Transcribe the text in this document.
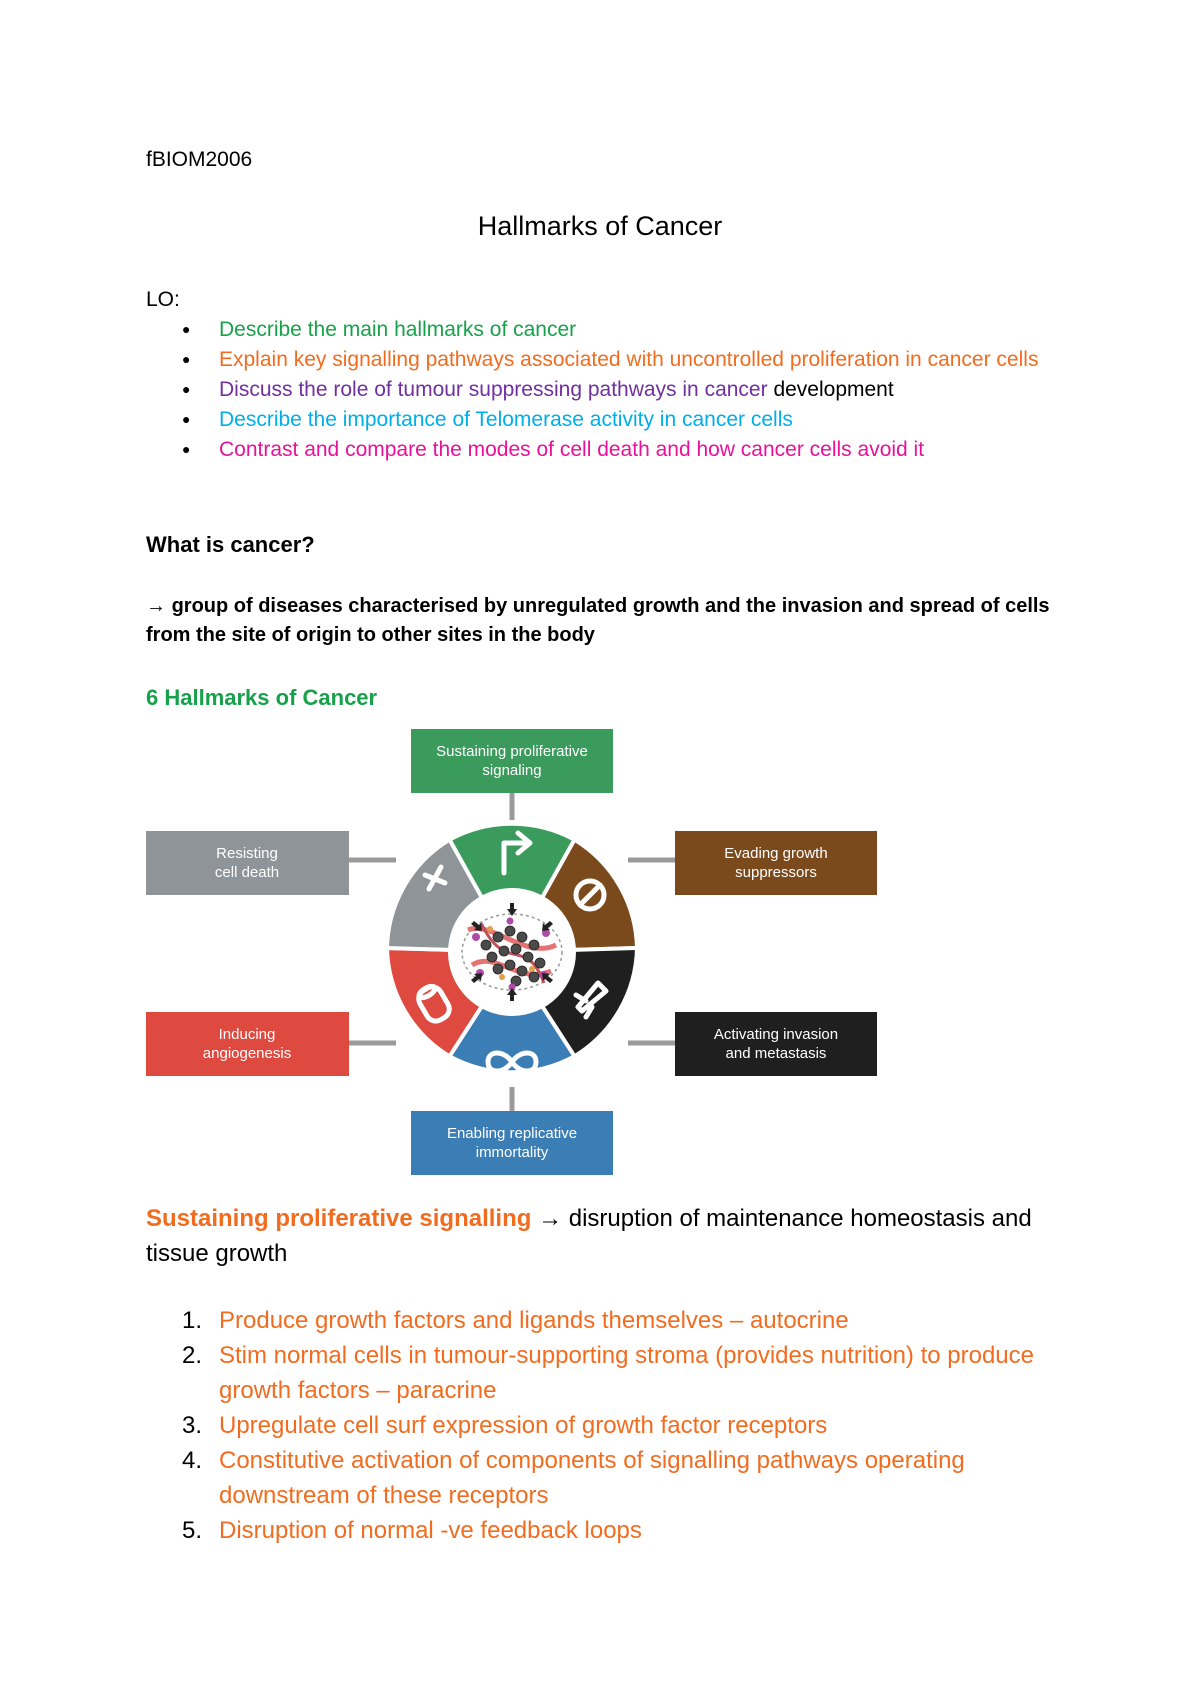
fBIOM2006
Hallmarks of Cancer
LO:
● Describe the main hallmarks of cancer
● Explain key signalling pathways associated with uncontrolled proliferation in cancer cells
● Discuss the role of tumour suppressing pathways in cancer development
● Describe the importance of Telomerase activity in cancer cells
● Contrast and compare the modes of cell death and how cancer cells avoid it
What is cancer?
→ group of diseases characterised by unregulated growth and the invasion and spread of cells from the site of origin to other sites in the body
6 Hallmarks of Cancer
Sustaining proliferative
signaling
Resisting
cell death
Evading growth
suppressors
Inducing
angiogenesis
Activating invasion
and metastasis
Enabling replicative
immortality
Sustaining proliferative signalling → disruption of maintenance homeostasis and tissue growth
1. Produce growth factors and ligands themselves – autocrine
2. Stim normal cells in tumour-supporting stroma (provides nutrition) to produce growth factors – paracrine
3. Upregulate cell surf expression of growth factor receptors
4. Constitutive activation of components of signalling pathways operating downstream of these receptors
5. Disruption of normal -ve feedback loops
